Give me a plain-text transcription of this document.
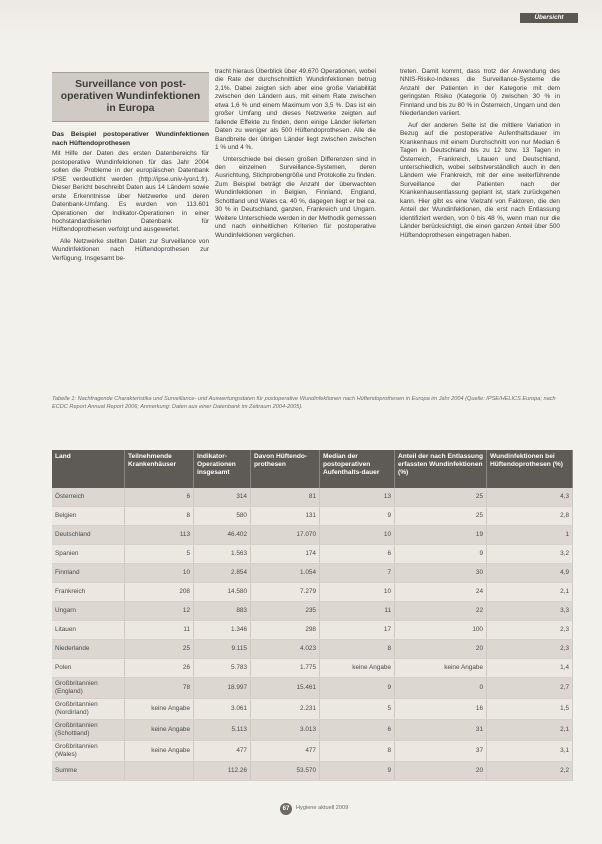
Übersicht
Surveillance von post-operativen Wundinfektionen in Europa
Das Beispiel postoperativer Wundinfektionen nach Hüftendoprothesen

Mit Hilfe der Daten des ersten Datenbereichs für postoperative Wundinfektionen für das Jahr 2004 sollen die Probleme in der europäischen Datenbank IPSE verdeutlicht werden (http://ipse.univ-lyon1.fr). Dieser Bericht beschreibt Daten aus 14 Ländern sowie erste Erkenntnisse über Netzwerke und deren Datenbank-Umfang. Es wurden von 113.601 Operationen der Indikator-Operationen in einer hochstandardisierten Datenbank für Hüftendoprothesen verfolgt und ausgewertet.

Alle Netzwerke stellten Daten zur Surveillance von Wundinfektionen nach Hüftendoprothesen zur Verfügung. Insgesamt be-

tracht hieraus Überblick über 49.670 Operationen, wobei die Rate der durchschnittlich Wundinfektionen betrug 2,1%. Dabei zeigten sich aber eine große Variabilität zwischen den Ländern aus, mit einem Rate zwischen etwa 1,6 % und einem Maximum von 3,5 %. Das ist ein großer Umfang und dieses Netzwerke zeigten auf fallende Effekte zu finden, denn einige Länder lieferten Daten zu weniger als 500 Hüftendoprothesen. Alle die Bandbreite der übrigen Länder liegt zwischen zwischen 1 % und 4 %.

Unterschiede bei diesen großen Differenzen sind in den einzelnen Surveillance-Systemen, deren Ausrichtung, Stichprobengröße und Protokolle zu finden. Zum Beispiel beträgt die Anzahl der überwachten Wundinfektionen in Belgien, Finnland, England, Schottland und Wales ca. 40 %, dagegen liegt er bei ca. 30 % in Deutschland, ganzen, Frankreich und Ungarn. Weitere Unterschiede werden in der Methodik gemessen und nach einheitlichen Kriterien für postoperative Wundinfektionen verglichen.

treten. Damit kommt, dass trotz der Anwendung des NNIS-Risiko-Indexes die Surveillance-Systeme die Anzahl der Patienten in der Kategorie mit dem geringsten Risiko (Kategorie 0) zwischen 30 % in Finnland und bis zu 80 % in Österreich, Ungarn und den Niederlanden variiert.

Auf der anderen Seite ist die mittlere Variation in Bezug auf die postoperative Aufenthaltsdauer im Krankenhaus mit einem Durchschnitt von nur Median 6 Tagen in Deutschland bis zu 12 bzw. 13 Tagen in Österreich, Frankreich, Litauen und Deutschland, unterschiedlich, wobei selbstverständlich auch in den Ländern wie Frankreich, mit der eine weiterführende Surveillance der Patienten nach der Krankenhausentlassung geplant ist, stark zurückgehen kann. Hier gibt es eine Vielzahl von Faktoren, die den Anteil der Wundinfektionen, die erst nach Entlassung identifiziert werden, von 0 bis 48 %, wenn man nur die Länder berücksichtigt, die einen ganzen Anteil über 500 Hüftendoprothesen eingetragen haben.

Tabelle 1: Nachfragende Charakteristika und Surveillance- und Auswertungsdaten für postoperative Wundinfektionen nach Hüftendoprothesen in Europa im Jahr 2004 (Quelle: IPSE/HELICS Europa; nach ECDC Report Annual Report 2006; Anmerkung: Daten aus einer Datenbank im Zeitraum 2004-2005).
Land	Teilnehmende Krankenhäuser	Indikator-Operationen insgesamt	Davon Hüftendo-prothesen	Median der postoperativen Aufenthalts-dauer	Anteil der nach Entlassung erfassten Wundinfektionen (%)	Wundinfektionen bei Hüftendoprothesen (%)
Österreich	6	314	81	13	25	4,3
Belgien	8	580	131	9	25	2,8
Deutschland	113	46.402	17.070	10	19	1
Spanien	5	1.563	174	6	9	3,2
Finnland	10	2.854	1.054	7	30	4,9
Frankreich	208	14.580	7.279	10	24	2,1
Ungarn	12	883	235	11	22	3,3
Litauen	11	1.346	298	17	100	2,3
Niederlande	25	9.115	4.023	8	20	2,3
Polen	26	5.783	1.775	keine Angabe	keine Angabe	1,4
Großbritannien (England)	78	18.997	15.461	9	0	2,7
Großbritannien (Nordirland)	keine Angabe	3.061	2.231	5	16	1,5
Großbritannien (Schottland)	keine Angabe	5.113	3.013	6	31	2,1
Großbritannien (Wales)	keine Angabe	477	477	8	37	3,1
Summe		112.26	53.570	9	20	2,2
67	Hygiene aktuell 2009
